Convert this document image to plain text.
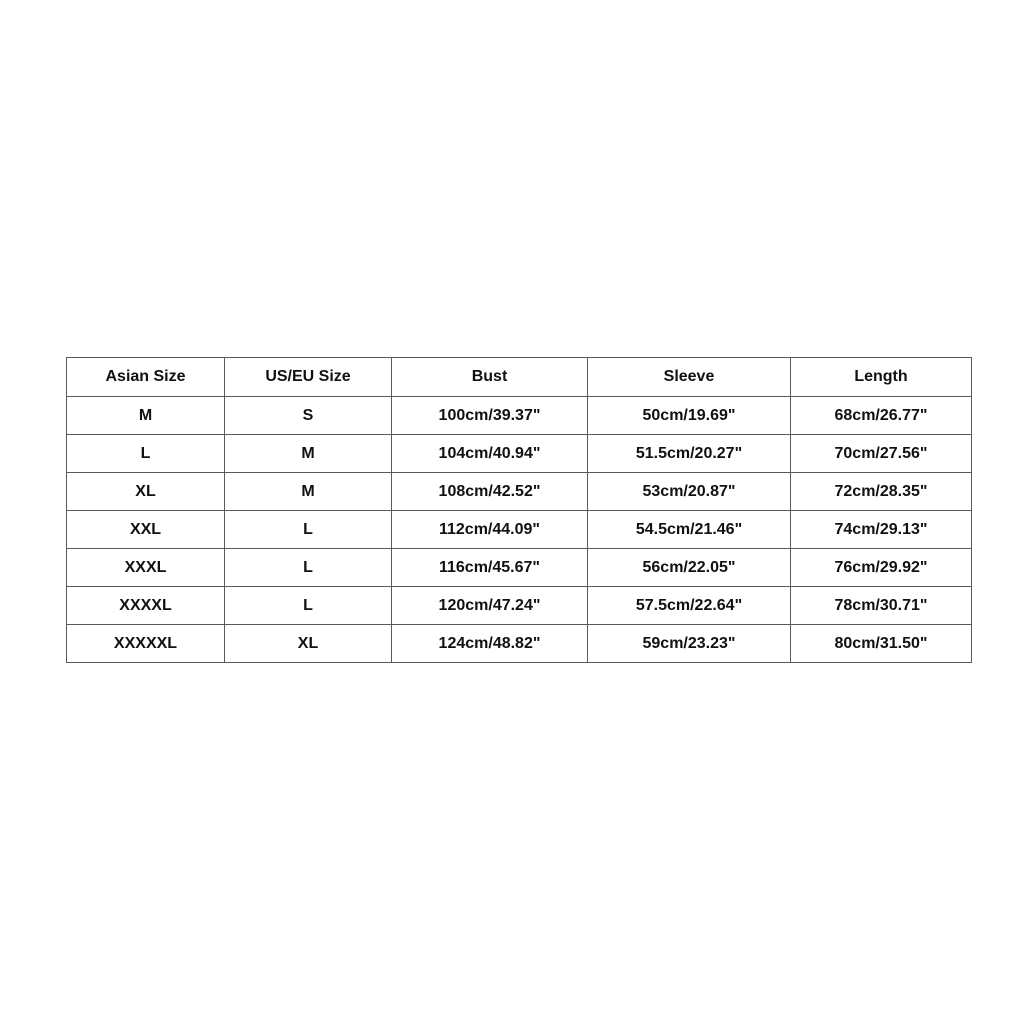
Asian Size	US/EU Size	Bust	Sleeve	Length
M	S	100cm/39.37"	50cm/19.69"	68cm/26.77"
L	M	104cm/40.94"	51.5cm/20.27"	70cm/27.56"
XL	M	108cm/42.52"	53cm/20.87"	72cm/28.35"
XXL	L	112cm/44.09"	54.5cm/21.46"	74cm/29.13"
XXXL	L	116cm/45.67"	56cm/22.05"	76cm/29.92"
XXXXL	L	120cm/47.24"	57.5cm/22.64"	78cm/30.71"
XXXXXL	XL	124cm/48.82"	59cm/23.23"	80cm/31.50"
